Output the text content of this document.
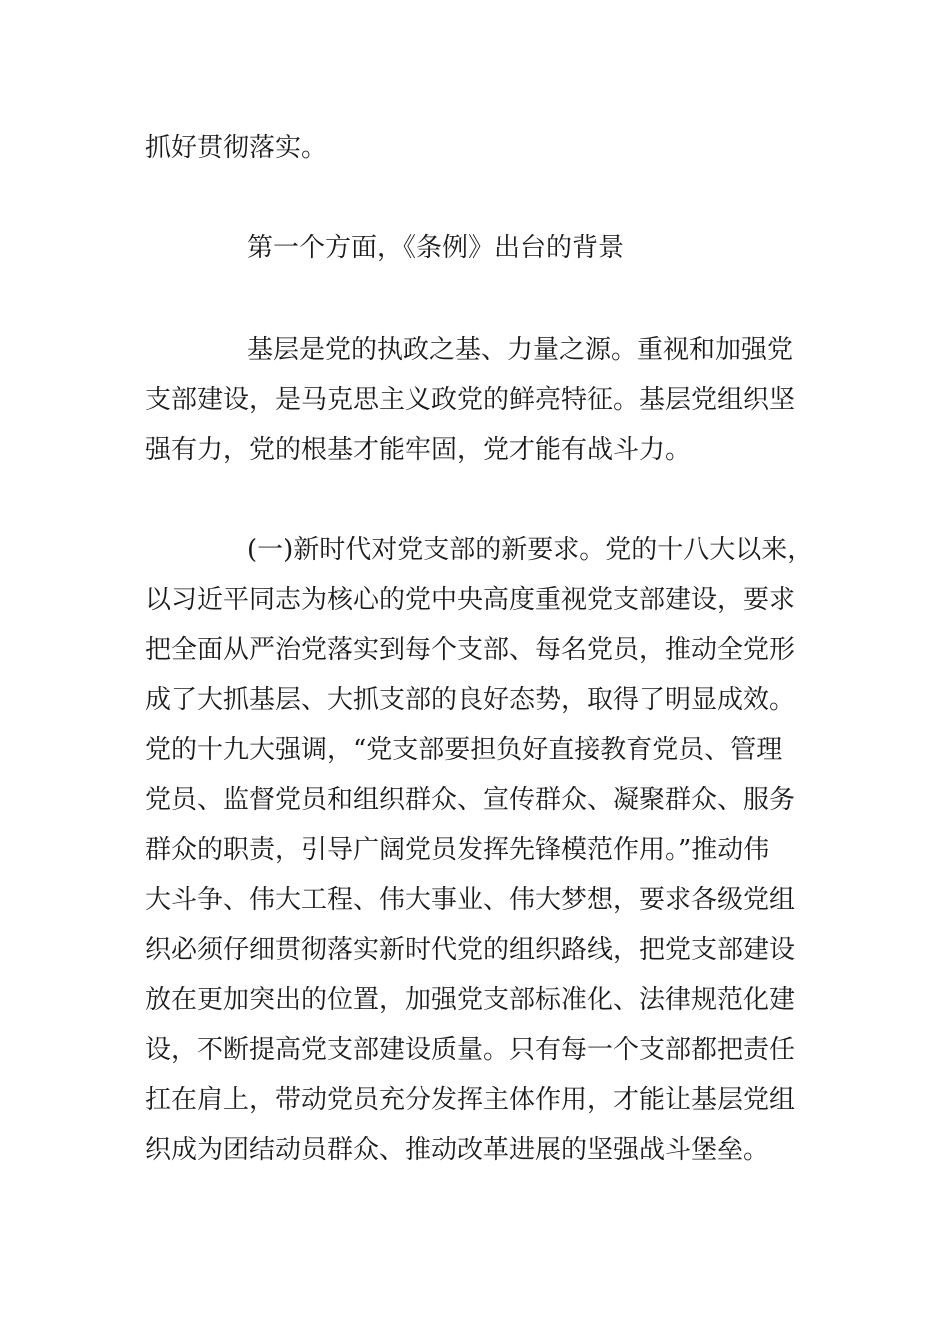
抓好贯彻落实。

第一个方面，《条例》出台的背景

基层是党的执政之基、力量之源。重视和加强党

支部建设，是马克思主义政党的鲜亮特征。基层党组织坚

强有力，党的根基才能牢固，党才能有战斗力。

(一)新时代对党支部的新要求。党的十八大以来，

以习近平同志为核心的党中央高度重视党支部建设，要求

把全面从严治党落实到每个支部、每名党员，推动全党形

成了大抓基层、大抓支部的良好态势，取得了明显成效。

党的十九大强调，“党支部要担负好直接教育党员、管理

党员、监督党员和组织群众、宣传群众、凝聚群众、服务

群众的职责，引导广阔党员发挥先锋模范作用。”推动伟

大斗争、伟大工程、伟大事业、伟大梦想，要求各级党组

织必须仔细贯彻落实新时代党的组织路线，把党支部建设

放在更加突出的位置，加强党支部标准化、法律规范化建

设，不断提高党支部建设质量。只有每一个支部都把责任

扛在肩上，带动党员充分发挥主体作用，才能让基层党组

织成为团结动员群众、推动改革进展的坚强战斗堡垒。
